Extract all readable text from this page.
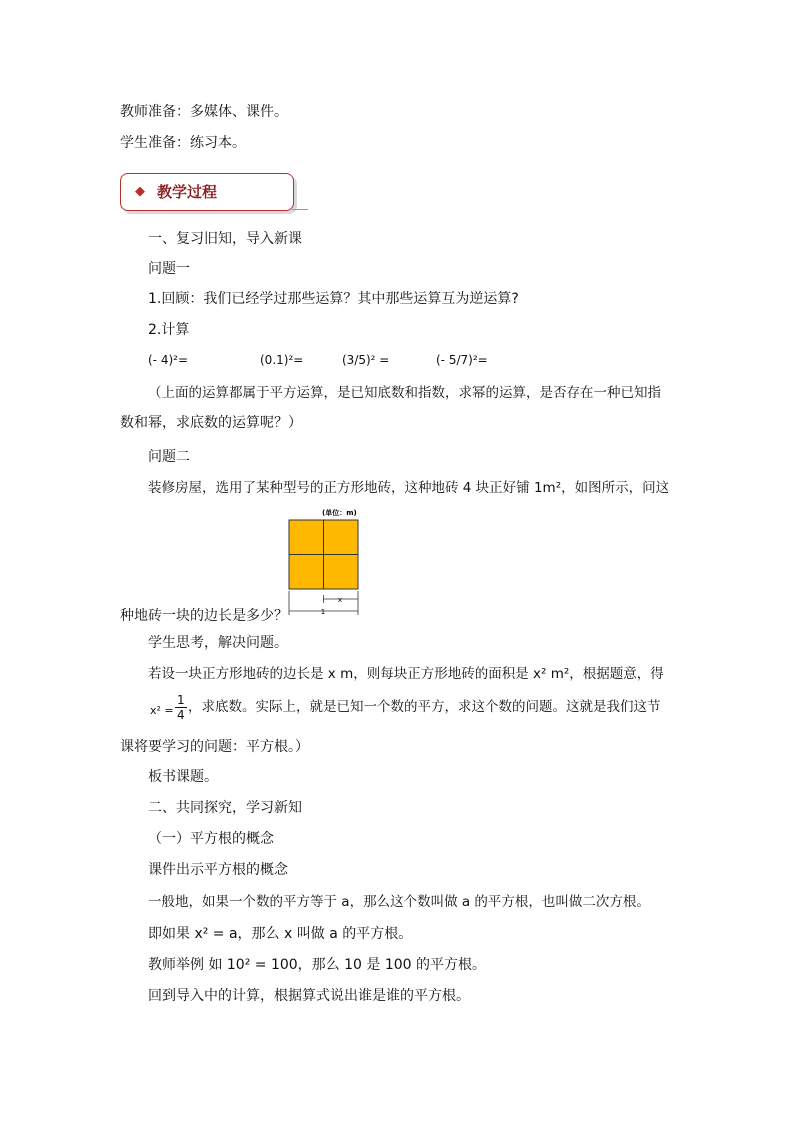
教师准备：多媒体、课件。
学生准备：练习本。
◆ 教学过程
一、复习旧知，导入新课
问题一
1.回顾：我们已经学过那些运算？其中那些运算互为逆运算?
2.计算
(- 4)²=	(0.1)²=	(3/5)² =	(- 5/7)²=
（上面的运算都属于平方运算，是已知底数和指数，求幂的运算，是否存在一种已知指
数和幂，求底数的运算呢？）
问题二
装修房屋，选用了某种型号的正方形地砖，这种地砖 4 块正好铺 1m²，如图所示，问这
(单位：m)
x
1
种地砖一块的边长是多少？
学生思考，解决问题。
若设一块正方形地砖的边长是 x m，则每块正方形地砖的面积是 x² m²，根据题意，得
$x^2 = \frac{1}{4}$ ，求底数。实际上，就是已知一个数的平方，求这个数的问题。这就是我们这节
课将要学习的问题：平方根。）
板书课题。
二、共同探究，学习新知
（一）平方根的概念
课件出示平方根的概念
一般地，如果一个数的平方等于 a，那么这个数叫做 a 的平方根，也叫做二次方根。
即如果 x² = a，那么 x 叫做 a 的平方根。
教师举例 如 10² = 100，那么 10 是 100 的平方根。
回到导入中的计算，根据算式说出谁是谁的平方根。
